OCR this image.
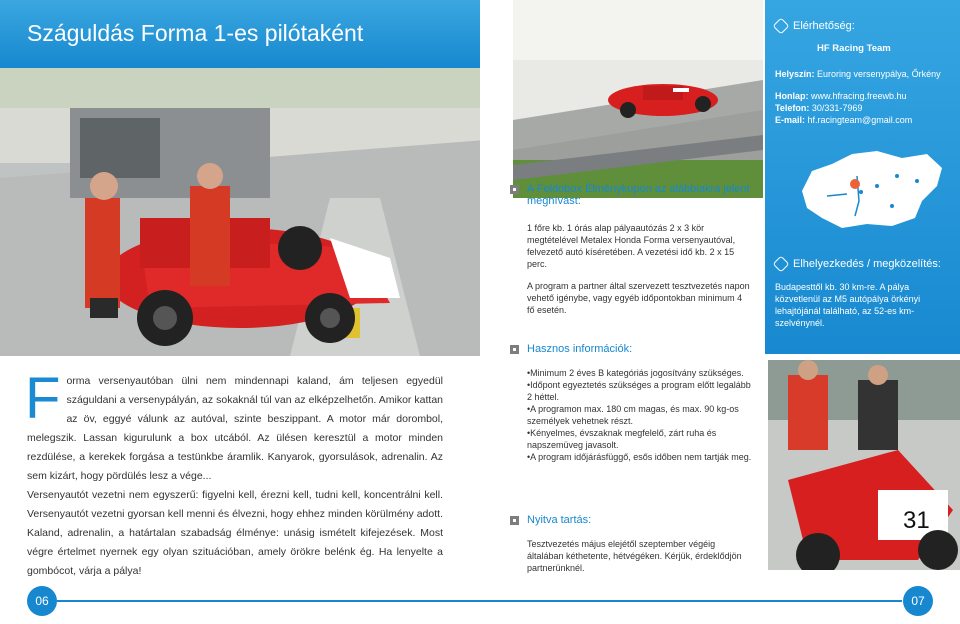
Száguldás Forma 1-es pilótaként
F orma versenyautóban ülni nem mindennapi kaland, ám teljesen egyedül száguldani a versenypályán, az sokaknál túl van az elképzelhetőn. Amikor kattan az öv, eggyé válunk az autóval, szinte beszippant. A motor már dorombol, melegszik. Lassan kigurulunk a box utcából. Az ülésen keresztül a motor minden rezdülése, a kerekek forgása a testünkbe áramlik. Kanyarok, gyorsulások, adrenalin. Az sem kizárt, hogy pördülés lesz a vége...

Versenyautót vezetni nem egyszerű: figyelni kell, érezni kell, tudni kell, koncentrálni kell. Versenyautót vezetni gyorsan kell menni és élvezni, hogy ehhez minden körülmény adott. Kaland, adrenalin, a határtalan szabadság élménye: unásig ismételt kifejezések. Most végre értelmet nyernek egy olyan szituációban, amely örökre belénk ég. Ha lenyelte a gombócot, várja a pálya!

06
Elérhetőség:
HF Racing Team
Helyszín: Euroring versenypálya, Őrkény
Honlap: www.hfracing.freewb.hu
Telefon: 30/331-7969
E-mail: hf.racingteam@gmail.com
Elhelyezkedés / megközelítés:
Budapesttől kb. 30 km-re. A pálya közvetlenül az M5 autópálya örkényi lehajtójánál található, az 52-es km-szelvénynél.
A Feldobox Élménykupon az alábbiakra jelent meghívást:

1 főre kb. 1 órás alap pályaautózás 2 x 3 kör megtételével Metalex Honda Forma versenyautóval, felvezető autó kíséretében. A vezetési idő kb. 2 x 15 perc.

A program a partner által szervezett tesztvezetés napon vehető igénybe, vagy egyéb időpontokban minimum 4 fő esetén.

Hasznos információk:
• Minimum 2 éves B kategóriás jogosítvány szükséges.
• Időpont egyeztetés szükséges a program előtt legalább 2 héttel.
• A programon max. 180 cm magas, és max. 90 kg-os személyek vehetnek részt.
• Kényelmes, évszaknak megfelelő, zárt ruha és napszemüveg javasolt.
• A program időjárásfüggő, esős időben nem tartják meg.
Nyitva tartás:
Tesztvezetés május elejétől szeptember végéig általában kéthetente, hétvégéken. Kérjük, érdeklődjön partnerünknél.
31
07
